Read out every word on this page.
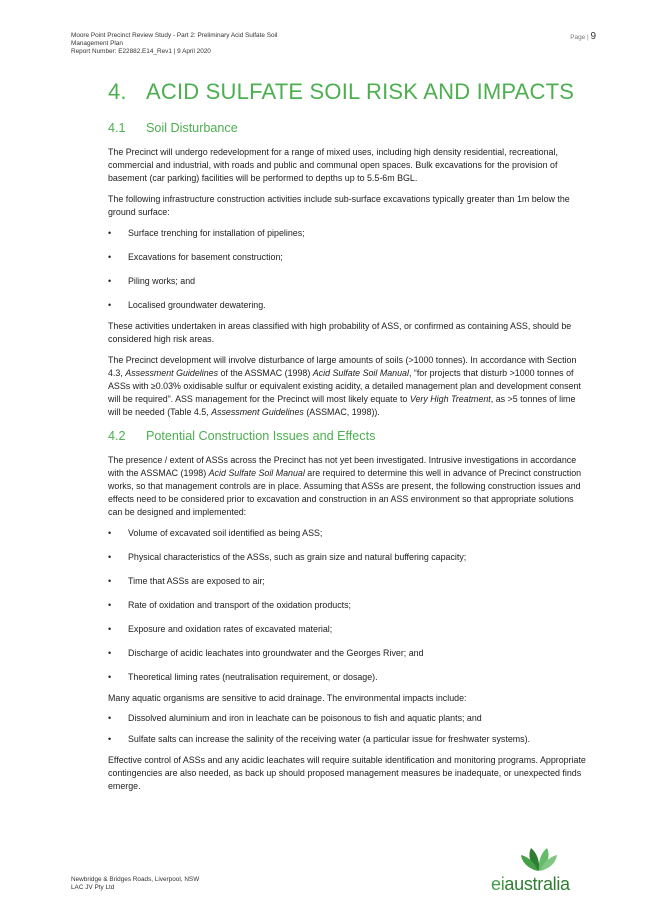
Moore Point Precinct Review Study - Part 2: Preliminary Acid Sulfate Soil
Management Plan
Report Number: E22882.E14_Rev1 | 9 April 2020
Page | 9
4. ACID SULFATE SOIL RISK AND IMPACTS
4.1 Soil Disturbance

The Precinct will undergo redevelopment for a range of mixed uses, including high density residential, recreational, commercial and industrial, with roads and public and communal open spaces. Bulk excavations for the provision of basement (car parking) facilities will be performed to depths up to 5.5-6m BGL.

The following infrastructure construction activities include sub-surface excavations typically greater than 1m below the ground surface:

• Surface trenching for installation of pipelines;
• Excavations for basement construction;
• Piling works; and
• Localised groundwater dewatering.

These activities undertaken in areas classified with high probability of ASS, or confirmed as containing ASS, should be considered high risk areas.

The Precinct development will involve disturbance of large amounts of soils (>1000 tonnes). In accordance with Section 4.3, Assessment Guidelines of the ASSMAC (1998) Acid Sulfate Soil Manual, “for projects that disturb >1000 tonnes of ASSs with ≥0.03% oxidisable sulfur or equivalent existing acidity, a detailed management plan and development consent will be required”. ASS management for the Precinct will most likely equate to Very High Treatment, as >5 tonnes of lime will be needed (Table 4.5, Assessment Guidelines (ASSMAC, 1998)).

4.2 Potential Construction Issues and Effects

The presence / extent of ASSs across the Precinct has not yet been investigated. Intrusive investigations in accordance with the ASSMAC (1998) Acid Sulfate Soil Manual are required to determine this well in advance of Precinct construction works, so that management controls are in place. Assuming that ASSs are present, the following construction issues and effects need to be considered prior to excavation and construction in an ASS environment so that appropriate solutions can be designed and implemented:

• Volume of excavated soil identified as being ASS;
• Physical characteristics of the ASSs, such as grain size and natural buffering capacity;
• Time that ASSs are exposed to air;
• Rate of oxidation and transport of the oxidation products;
• Exposure and oxidation rates of excavated material;
• Discharge of acidic leachates into groundwater and the Georges River; and
• Theoretical liming rates (neutralisation requirement, or dosage).

Many aquatic organisms are sensitive to acid drainage. The environmental impacts include:

• Dissolved aluminium and iron in leachate can be poisonous to fish and aquatic plants; and
• Sulfate salts can increase the salinity of the receiving water (a particular issue for freshwater systems).

Effective control of ASSs and any acidic leachates will require suitable identification and monitoring programs. Appropriate contingencies are also needed, as back up should proposed management measures be inadequate, or unexpected finds emerge.

Newbridge & Bridges Roads, Liverpool, NSW
LAC JV Pty Ltd	eiaustralia
